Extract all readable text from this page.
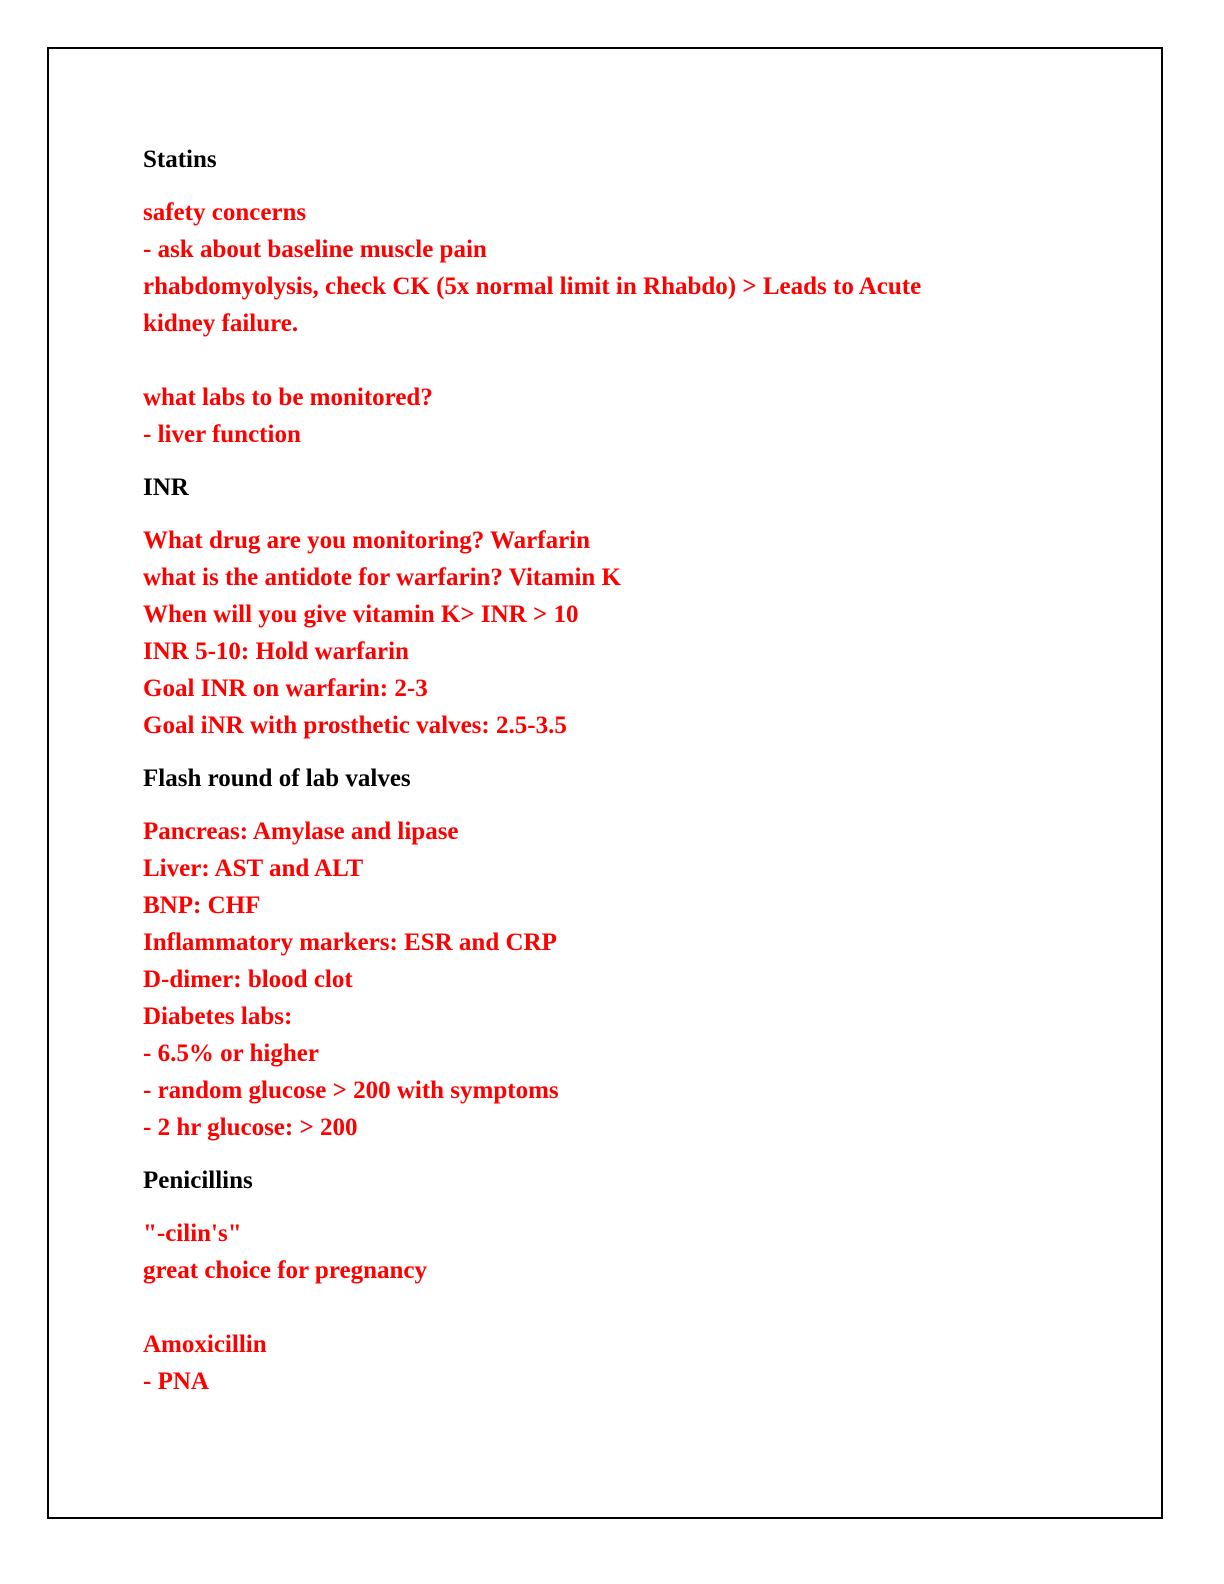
Statins
safety concerns
- ask about baseline muscle pain
rhabdomyolysis, check CK (5x normal limit in Rhabdo) > Leads to Acute
kidney failure.
what labs to be monitored?
- liver function
INR
What drug are you monitoring? Warfarin
what is the antidote for warfarin? Vitamin K
When will you give vitamin K> INR > 10
INR 5-10: Hold warfarin
Goal INR on warfarin: 2-3
Goal iNR with prosthetic valves: 2.5-3.5
Flash round of lab valves
Pancreas: Amylase and lipase
Liver: AST and ALT
BNP: CHF
Inflammatory markers: ESR and CRP
D-dimer: blood clot
Diabetes labs:
- 6.5% or higher
- random glucose > 200 with symptoms
- 2 hr glucose: > 200
Penicillins
"-cilin's"
great choice for pregnancy
Amoxicillin
- PNA
